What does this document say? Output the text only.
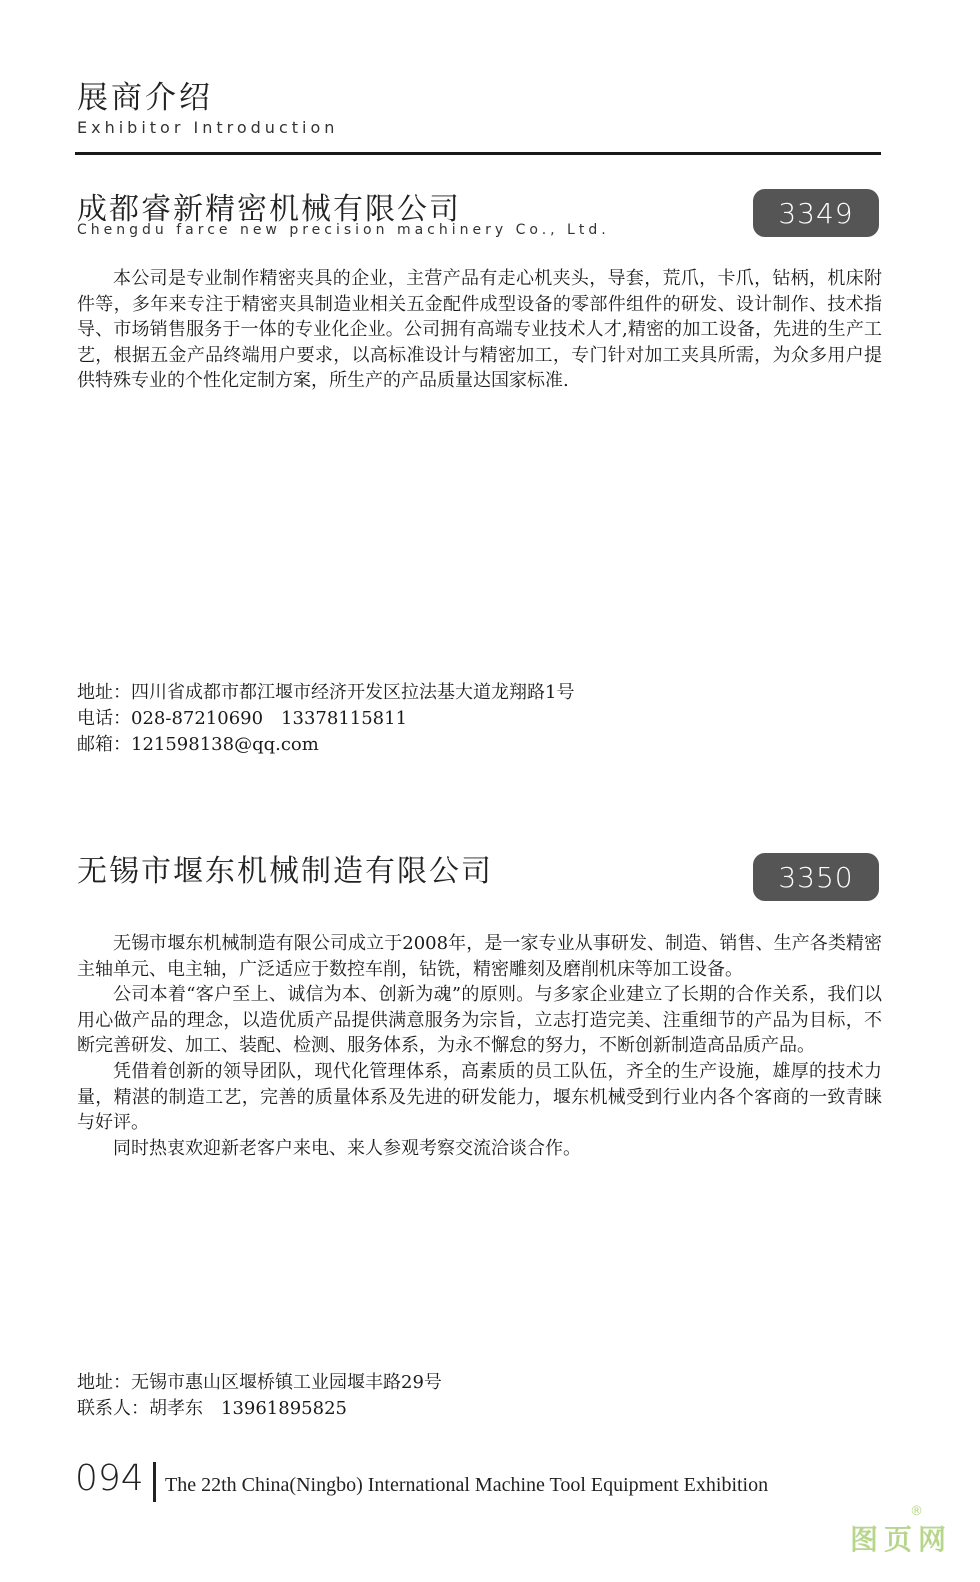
展商介绍
Exhibitor Introduction
成都睿新精密机械有限公司
Chengdu farce new precision machinery Co., Ltd.
3349

本公司是专业制作精密夹具的企业，主营产品有走心机夹头，导套，荒爪，卡爪，钻柄，机床附件等，多年来专注于精密夹具制造业相关五金配件成型设备的零部件组件的研发、设计制作、技术指导、市场销售服务于一体的专业化企业。公司拥有高端专业技术人才,精密的加工设备，先进的生产工艺，根据五金产品终端用户要求，以高标准设计与精密加工，专门针对加工夹具所需，为众多用户提供特殊专业的个性化定制方案，所生产的产品质量达国家标准.

地址：四川省成都市都江堰市经济开发区拉法基大道龙翔路1号
电话：028-87210690　13378115811
邮箱：121598138@qq.com
无锡市堰东机械制造有限公司	3350

无锡市堰东机械制造有限公司成立于2008年，是一家专业从事研发、制造、销售、生产各类精密主轴单元、电主轴，广泛适应于数控车削，钻铣，精密雕刻及磨削机床等加工设备。

公司本着“客户至上、诚信为本、创新为魂”的原则。与多家企业建立了长期的合作关系，我们以用心做产品的理念，以造优质产品提供满意服务为宗旨，立志打造完美、注重细节的产品为目标，不断完善研发、加工、装配、检测、服务体系，为永不懈怠的努力，不断创新制造高品质产品。

凭借着创新的领导团队，现代化管理体系，高素质的员工队伍，齐全的生产设施，雄厚的技术力量，精湛的制造工艺，完善的质量体系及先进的研发能力，堰东机械受到行业内各个客商的一致青睐与好评。

同时热衷欢迎新老客户来电、来人参观考察交流洽谈合作。

地址：无锡市惠山区堰桥镇工业园堰丰路29号
联系人：胡孝东　13961895825
094 The 22th China(Ningbo) International Machine Tool Equipment Exhibition
图页网
®
